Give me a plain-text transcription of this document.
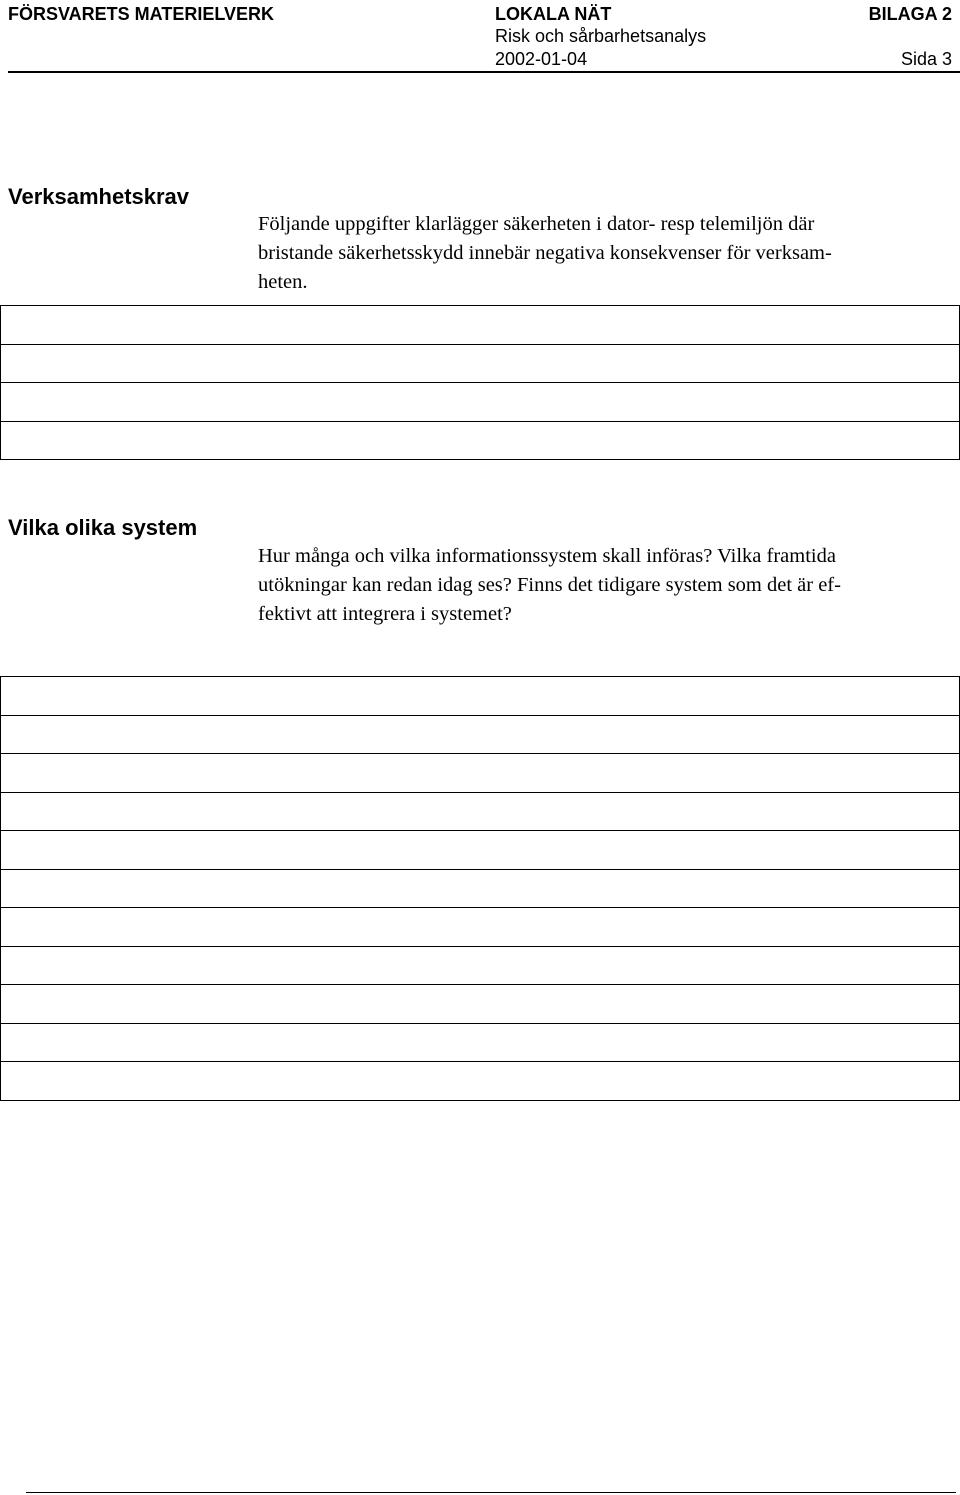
FÖRSVARETS MATERIELVERK	LOKALA NÄT
Risk och sårbarhetsanalys
2002-01-04
BILAGA 2
Sida 3
Verksamhetskrav
Följande uppgifter klarlägger säkerheten i dator- resp telemiljön där
bristande säkerhetsskydd innebär negativa konsekvenser för verksam-
heten.

Vilka olika system
Hur många och vilka informationssystem skall införas? Vilka framtida
utökningar kan redan idag ses? Finns det tidigare system som det är ef-
fektivt att integrera i systemet?
